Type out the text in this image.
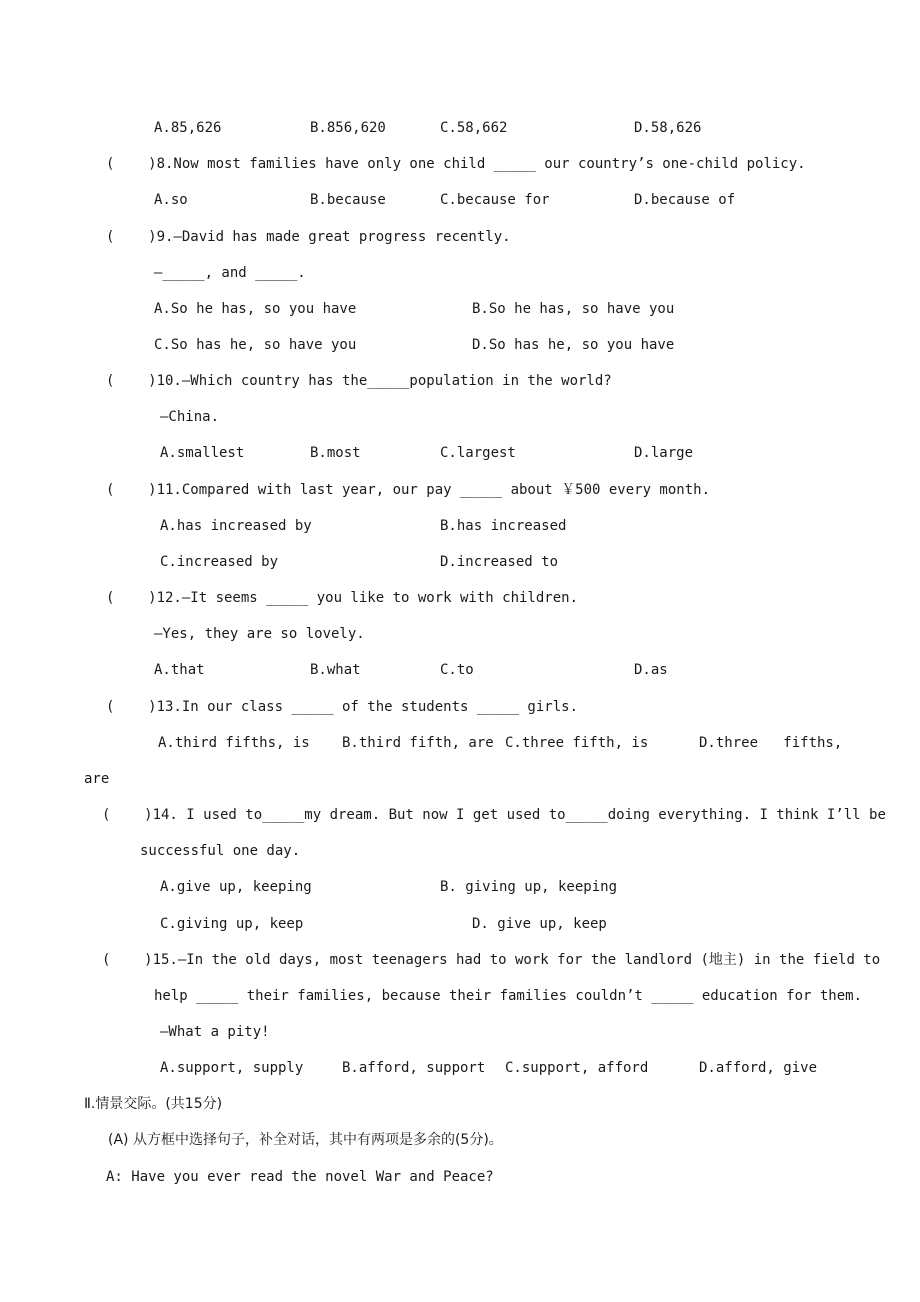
A.85,626	B.856,620	C.58,662	D.58,626
(    )8.Now most families have only one child _____ our country’s one-child policy.
A.so	B.because	C.because for	D.because of
(    )9.—David has made great progress recently.
—_____, and _____.
A.So he has, so you have	B.So he has, so have you
C.So has he, so have you	D.So has he, so you have
(    )10.—Which country has the_____population in the world?
—China.
A.smallest	B.most	C.largest	D.large
(    )11.Compared with last year, our pay _____ about ￥500 every month.
A.has increased by	B.has increased
C.increased by	D.increased to
(    )12.—It seems _____ you like to work with children.
—Yes, they are so lovely.
A.that	B.what	C.to	D.as
(    )13.In our class _____ of the students _____ girls.
A.third fifths, is B.third fifth, are C.three fifth, is	D.three   fifths,
are
(    )14. I used to_____my dream. But now I get used to_____doing everything. I think I’ll be
successful one day.
A.give up, keeping	B. giving up, keeping
C.giving up, keep	D. give up, keep
(    )15.—In the old days, most teenagers had to work for the landlord (地主) in the field to
help _____ their families, because their families couldn’t _____ education for them.
—What a pity!
A.support, supply	B.afford, support C.support, afford	D.afford, give
Ⅱ.情景交际。(共15分)
(A) 从方框中选择句子，补全对话，其中有两项是多余的(5分)。
A: Have you ever read the novel War and Peace?
